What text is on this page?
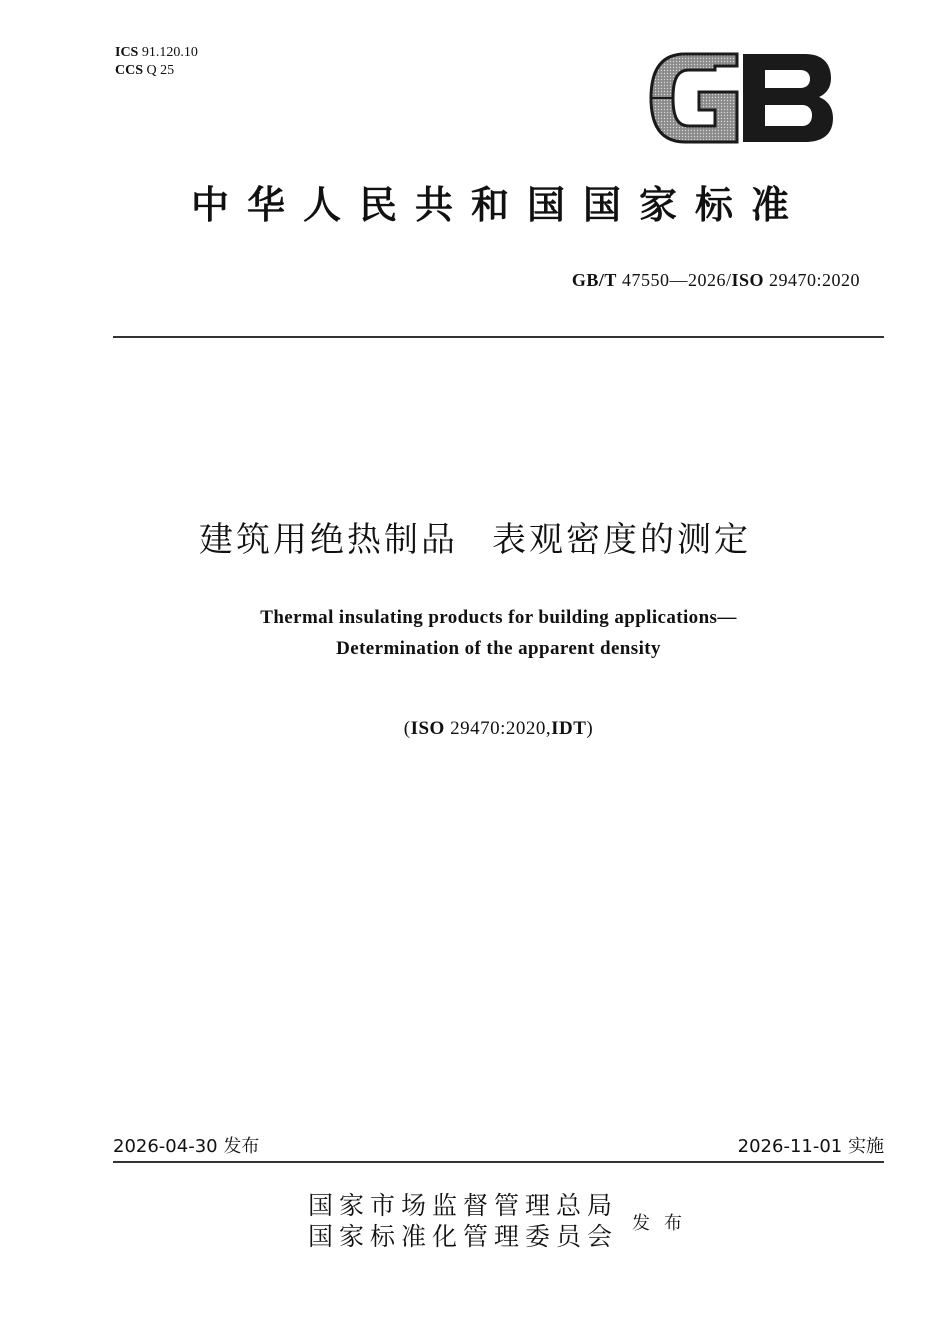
ICS 91.120.10
CCS Q 25
中华人民共和国国家标准
GB/T 47550—2026/ISO 29470:2020
建筑用绝热制品 表观密度的测定
Thermal insulating products for building applications—
Determination of the apparent density
(ISO 29470:2020,IDT)
2026-04-30 发布	2026-11-01 实施
国家市场监督管理总局
国家标准化管理委员会 发布
